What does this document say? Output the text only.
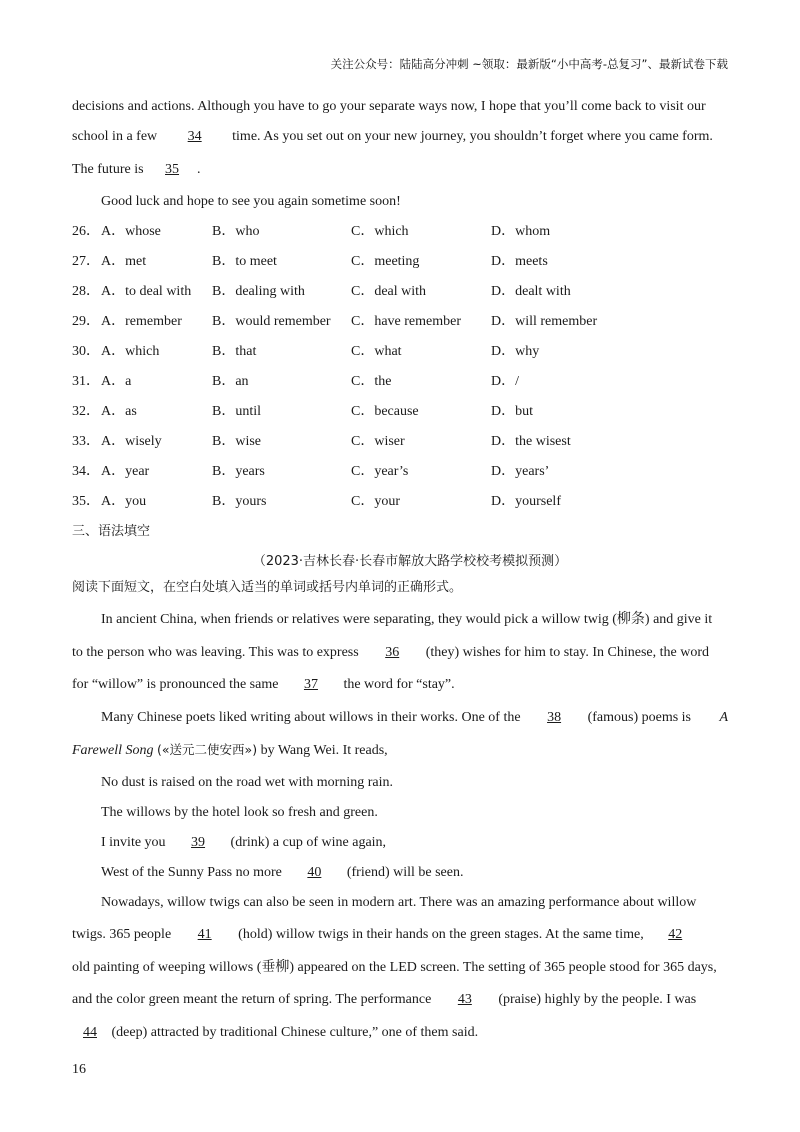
关注公众号：陆陆高分冲刺 ~领取：最新版“小中高考-总复习”、最新试卷下载
decisions and actions. Although you have to go your separate ways now, I hope that you’ll come back to visit our
school in a few 34 time. As you set out on your new journey, you shouldn’t forget where you came form.
The future is 35 .
Good luck and hope to see you again sometime soon!
26． A．whose	B．who	C．which	D．whom
27． A．met	B．to meet	C．meeting	D．meets
28． A．to deal with B．dealing with	C．deal with	D．dealt with
29． A．remember B．would remember C．have remember D．will remember
30． A．which	B．that	C．what	D．why
31． A．a	B．an	C．the	D．/
32． A．as	B．until	C．because	D．but
33． A．wisely	B．wise	C．wiser	D．the wisest
34． A．year	B．years	C．year’s	D．years’
35． A．you	B．yours	C．your	D．yourself
三、语法填空
（2023·吉林长春·长春市解放大路学校校考模拟预测）
阅读下面短文，在空白处填入适当的单词或括号内单词的正确形式。
In ancient China, when friends or relatives were separating, they would pick a willow twig (柳条) and give it
to the person who was leaving. This was to express 36 (they) wishes for him to stay. In Chinese, the word
for “willow” is pronounced the same 37 the word for “stay”.
Many Chinese poets liked writing about willows in their works. One of the 38 (famous) poems is A
Farewell Song («送元二使安西») by Wang Wei. It reads,
No dust is raised on the road wet with morning rain.
The willows by the hotel look so fresh and green.
I invite you 39 (drink) a cup of wine again,
West of the Sunny Pass no more 40 (friend) will be seen.
Nowadays, willow twigs can also be seen in modern art. There was an amazing performance about willow
twigs. 365 people 41 (hold) willow twigs in their hands on the green stages. At the same time, 42
old painting of weeping willows (垂柳) appeared on the LED screen. The setting of 365 people stood for 365 days,
and the color green meant the return of spring. The performance 43 (praise) highly by the people. I was
44 (deep) attracted by traditional Chinese culture,” one of them said.
16
